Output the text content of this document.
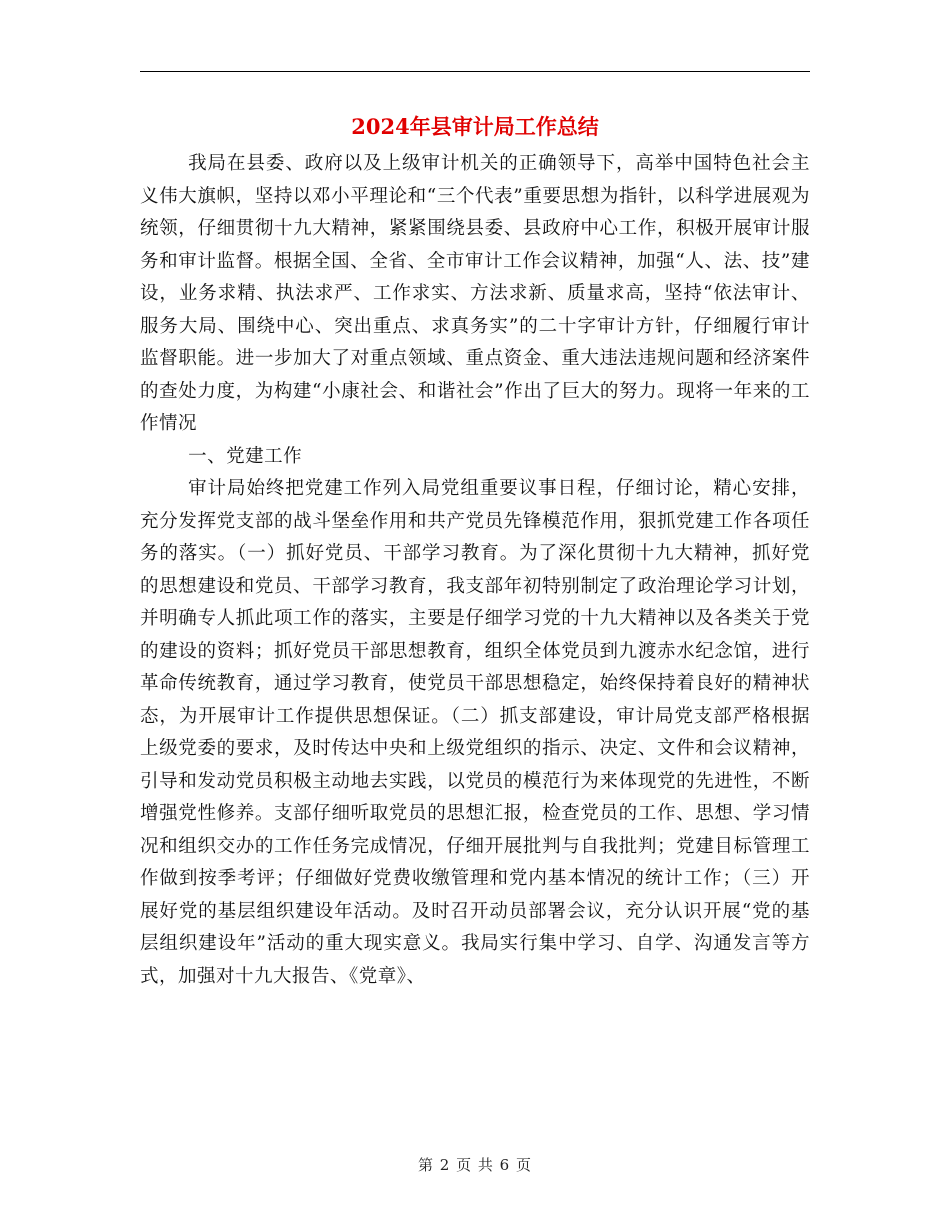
2024年县审计局工作总结

我局在县委、政府以及上级审计机关的正确领导下，高举中国特色社会主义伟大旗帜，坚持以邓小平理论和“三个代表”重要思想为指针，以科学进展观为统领，仔细贯彻十九大精神，紧紧围绕县委、县政府中心工作，积极开展审计服务和审计监督。根据全国、全省、全市审计工作会议精神，加强“人、法、技”建设，业务求精、执法求严、工作求实、方法求新、质量求高，坚持“依法审计、服务大局、围绕中心、突出重点、求真务实”的二十字审计方针，仔细履行审计监督职能。进一步加大了对重点领域、重点资金、重大违法违规问题和经济案件的查处力度，为构建“小康社会、和谐社会”作出了巨大的努力。现将一年来的工作情况

一、党建工作

审计局始终把党建工作列入局党组重要议事日程，仔细讨论，精心安排，充分发挥党支部的战斗堡垒作用和共产党员先锋模范作用，狠抓党建工作各项任务的落实。（一）抓好党员、干部学习教育。为了深化贯彻十九大精神，抓好党的思想建设和党员、干部学习教育，我支部年初特别制定了政治理论学习计划，并明确专人抓此项工作的落实，主要是仔细学习党的十九大精神以及各类关于党的建设的资料；抓好党员干部思想教育，组织全体党员到九渡赤水纪念馆，进行革命传统教育，通过学习教育，使党员干部思想稳定，始终保持着良好的精神状态，为开展审计工作提供思想保证。（二）抓支部建设，审计局党支部严格根据上级党委的要求，及时传达中央和上级党组织的指示、决定、文件和会议精神，引导和发动党员积极主动地去实践，以党员的模范行为来体现党的先进性，不断增强党性修养。支部仔细听取党员的思想汇报，检查党员的工作、思想、学习情况和组织交办的工作任务完成情况，仔细开展批判与自我批判；党建目标管理工作做到按季考评；仔细做好党费收缴管理和党内基本情况的统计工作；（三）开展好党的基层组织建设年活动。及时召开动员部署会议，充分认识开展“党的基层组织建设年”活动的重大现实意义。我局实行集中学习、自学、沟通发言等方式，加强对十九大报告、《党章》、

第 2 页 共 6 页
